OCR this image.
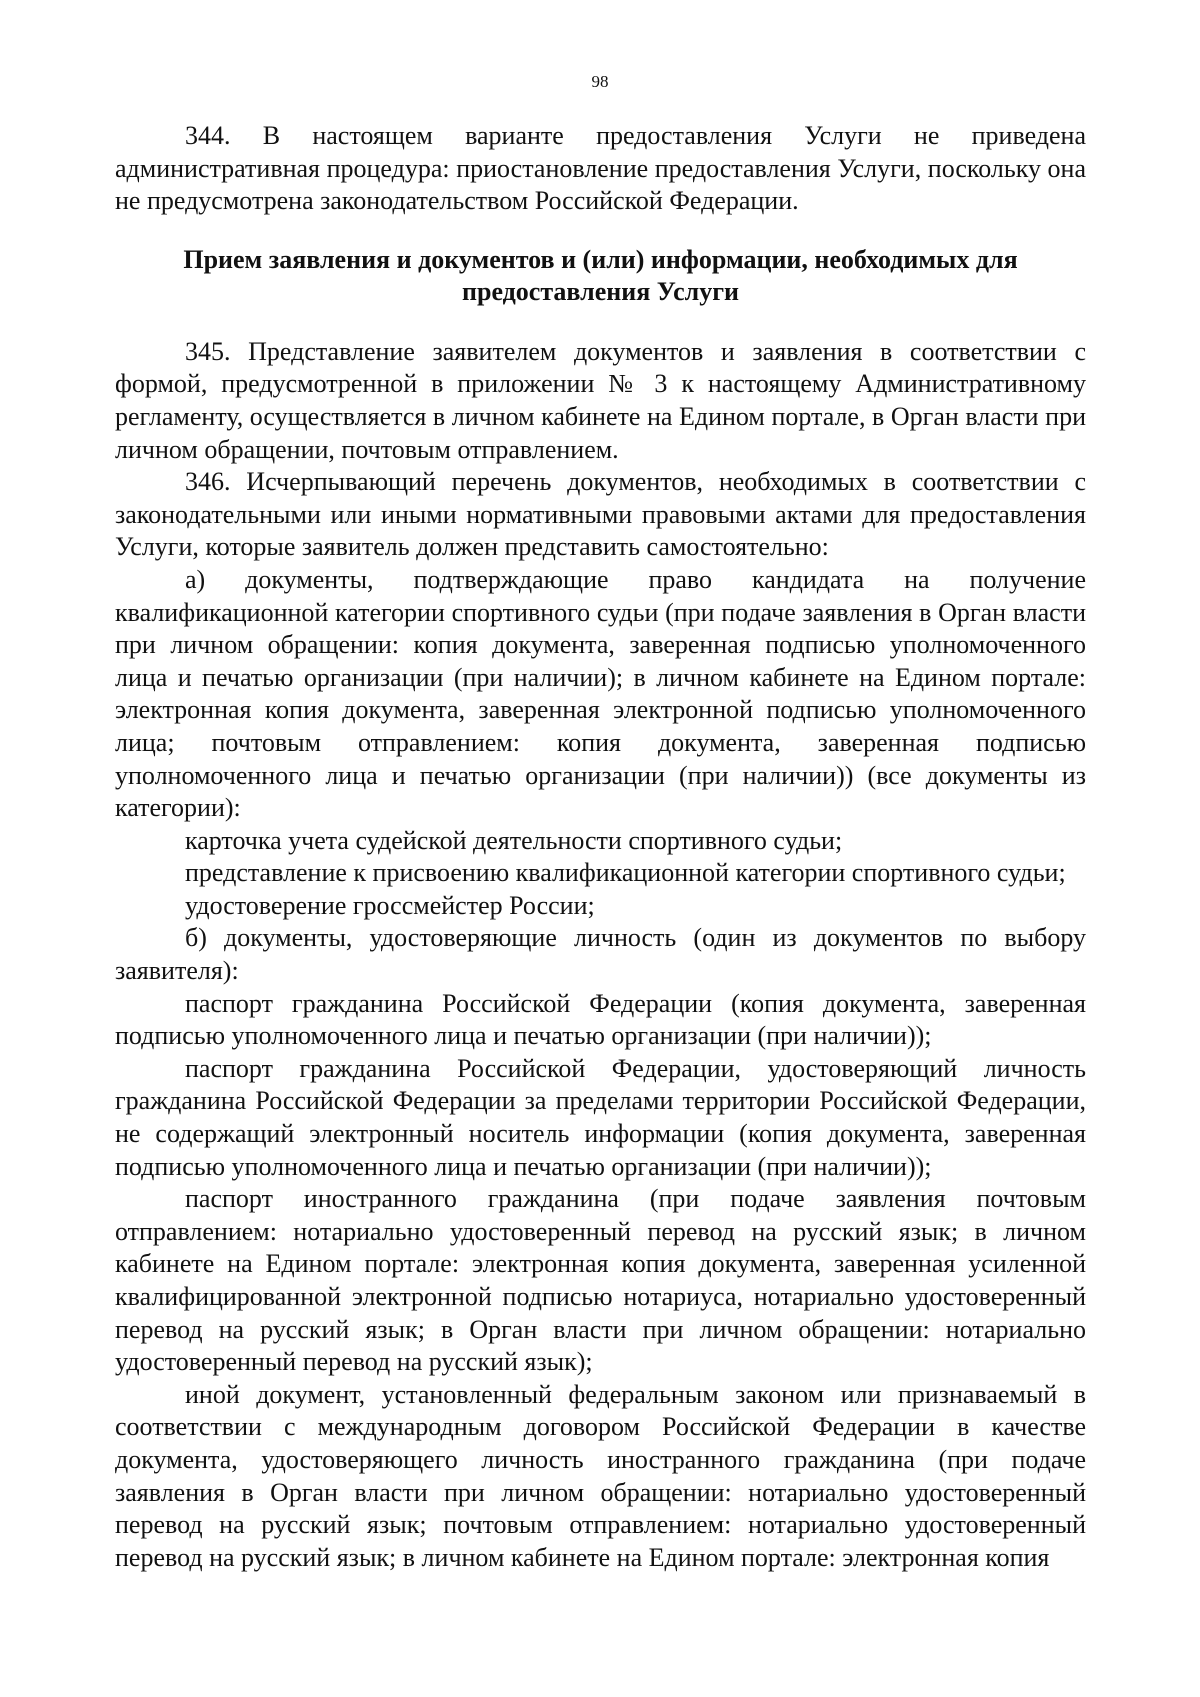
98

344. В настоящем варианте предоставления Услуги не приведена административная процедура: приостановление предоставления Услуги, поскольку она не предусмотрена законодательством Российской Федерации.

Прием заявления и документов и (или) информации, необходимых для предоставления Услуги

345. Представление заявителем документов и заявления в соответствии с формой, предусмотренной в приложении № 3 к настоящему Административному регламенту, осуществляется в личном кабинете на Едином портале, в Орган власти при личном обращении, почтовым отправлением.

346. Исчерпывающий перечень документов, необходимых в соответствии с законодательными или иными нормативными правовыми актами для предоставления Услуги, которые заявитель должен представить самостоятельно:

а) документы, подтверждающие право кандидата на получение квалификационной категории спортивного судьи (при подаче заявления в Орган власти при личном обращении: копия документа, заверенная подписью уполномоченного лица и печатью организации (при наличии); в личном кабинете на Едином портале: электронная копия документа, заверенная электронной подписью уполномоченного лица; почтовым отправлением: копия документа, заверенная подписью уполномоченного лица и печатью организации (при наличии)) (все документы из категории):

карточка учета судейской деятельности спортивного судьи;

представление к присвоению квалификационной категории спортивного судьи;

удостоверение гроссмейстер России;

б) документы, удостоверяющие личность (один из документов по выбору заявителя):

паспорт гражданина Российской Федерации (копия документа, заверенная подписью уполномоченного лица и печатью организации (при наличии));

паспорт гражданина Российской Федерации, удостоверяющий личность гражданина Российской Федерации за пределами территории Российской Федерации, не содержащий электронный носитель информации (копия документа, заверенная подписью уполномоченного лица и печатью организации (при наличии));

паспорт иностранного гражданина (при подаче заявления почтовым отправлением: нотариально удостоверенный перевод на русский язык; в личном кабинете на Едином портале: электронная копия документа, заверенная усиленной квалифицированной электронной подписью нотариуса, нотариально удостоверенный перевод на русский язык; в Орган власти при личном обращении: нотариально удостоверенный перевод на русский язык);

иной документ, установленный федеральным законом или признаваемый в соответствии с международным договором Российской Федерации в качестве документа, удостоверяющего личность иностранного гражданина (при подаче заявления в Орган власти при личном обращении: нотариально удостоверенный перевод на русский язык; почтовым отправлением: нотариально удостоверенный перевод на русский язык; в личном кабинете на Едином портале: электронная копия
